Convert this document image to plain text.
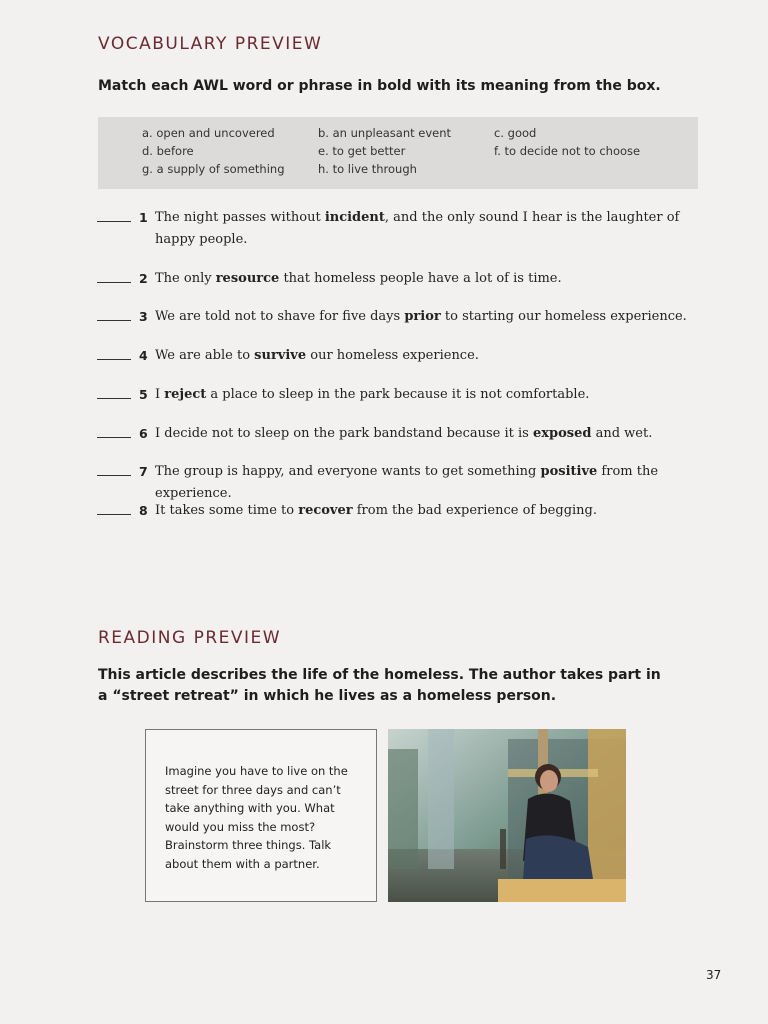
VOCABULARY PREVIEW

Match each AWL word or phrase in bold with its meaning from the box.

a. open and uncovered	b. an unpleasant event	c. good
d. before	e. to get better	f. to decide not to choose
g. a supply of something	h. to live through
1 The night passes without incident, and the only sound I hear is the laughter of happy people.
2 The only resource that homeless people have a lot of is time.
3 We are told not to shave for five days prior to starting our homeless experience.
4 We are able to survive our homeless experience.
5 I reject a place to sleep in the park because it is not comfortable.
6 I decide not to sleep on the park bandstand because it is exposed and wet.
7 The group is happy, and everyone wants to get something positive from the experience.
8 It takes some time to recover from the bad experience of begging.
READING PREVIEW

This article describes the life of the homeless. The author takes part in a “street retreat” in which he lives as a homeless person.

Imagine you have to live on the street for three days and can’t take anything with you. What would you miss the most? Brainstorm three things. Talk about them with a partner.
37
